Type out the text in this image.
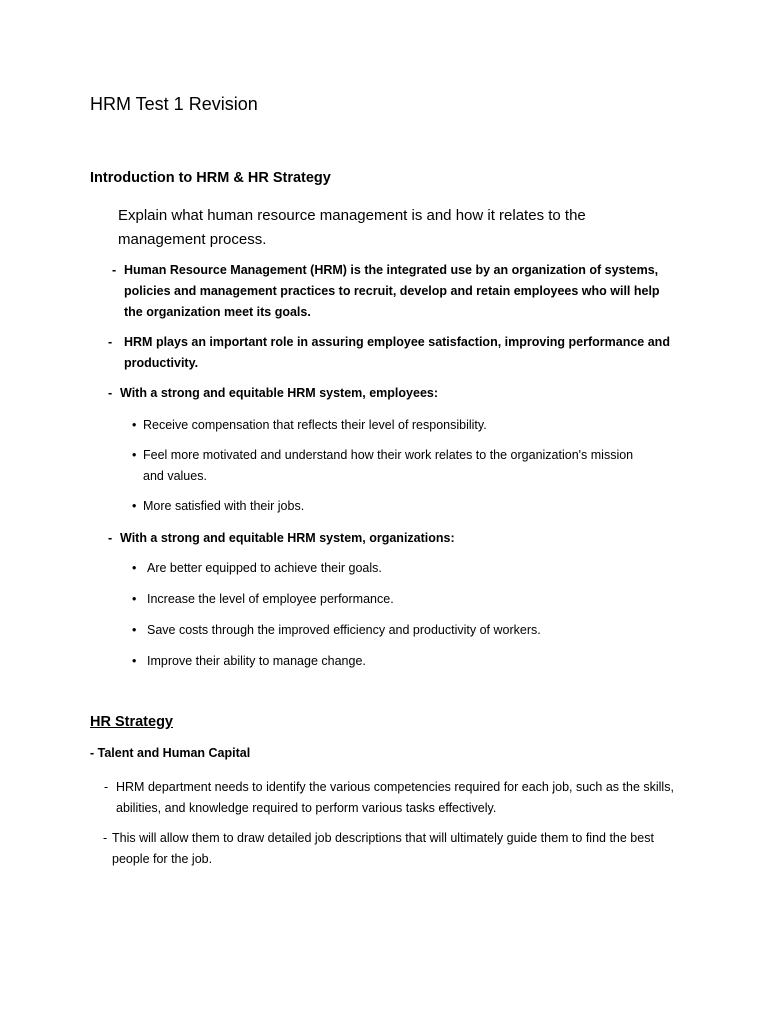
HRM Test 1 Revision
Introduction to HRM & HR Strategy
Explain what human resource management is and how it relates to the management process.
- Human Resource Management (HRM) is the integrated use by an organization of systems, policies and management practices to recruit, develop and retain employees who will help the organization meet its goals.
- HRM plays an important role in assuring employee satisfaction, improving performance and productivity.
- With a strong and equitable HRM system, employees:
• Receive compensation that reflects their level of responsibility.
• Feel more motivated and understand how their work relates to the organization's mission and values.
• More satisfied with their jobs.
- With a strong and equitable HRM system, organizations:
• Are better equipped to achieve their goals.
• Increase the level of employee performance.
• Save costs through the improved efficiency and productivity of workers.
• Improve their ability to manage change.
HR Strategy
- Talent and Human Capital
- HRM department needs to identify the various competencies required for each job, such as the skills, abilities, and knowledge required to perform various tasks effectively.
- This will allow them to draw detailed job descriptions that will ultimately guide them to find the best people for the job.
